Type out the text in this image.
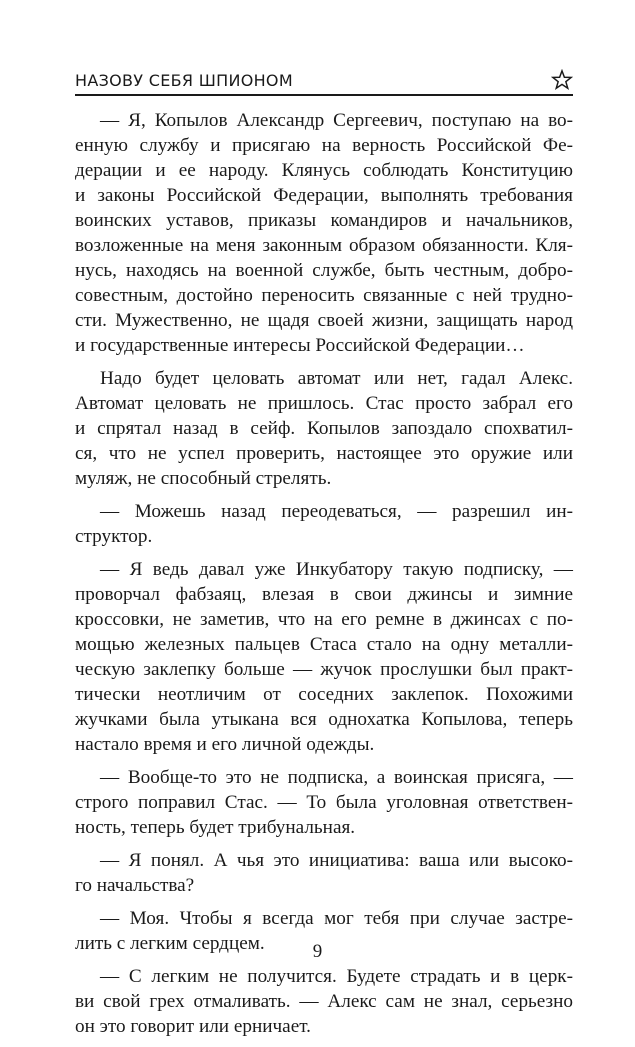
НАЗОВУ СЕБЯ ШПИОНОМ
— Я, Копылов Александр Сергеевич, поступаю на во-
енную службу и присягаю на верность Российской Фе-
дерации и ее народу. Клянусь соблюдать Конституцию
и законы Российской Федерации, выполнять требования
воинских уставов, приказы командиров и начальников,
возложенные на меня законным образом обязанности. Кля-
нусь, находясь на военной службе, быть честным, добро-
совестным, достойно переносить связанные с ней трудно-
сти. Мужественно, не щадя своей жизни, защищать народ
и государственные интересы Российской Федерации…
Надо будет целовать автомат или нет, гадал Алекс.
Автомат целовать не пришлось. Стас просто забрал его
и спрятал назад в сейф. Копылов запоздало спохватил-
ся, что не успел проверить, настоящее это оружие или
муляж, не способный стрелять.
— Можешь назад переодеваться, — разрешил ин-
структор.
— Я ведь давал уже Инкубатору такую подписку, —
проворчал фабзаяц, влезая в свои джинсы и зимние
кроссовки, не заметив, что на его ремне в джинсах с по-
мощью железных пальцев Стаса стало на одну металли-
ческую заклепку больше — жучок прослушки был практ-
тически неотличим от соседних заклепок. Похожими
жучками была утыкана вся однохатка Копылова, теперь
настало время и его личной одежды.
— Вообще-то это не подписка, а воинская присяга, —
строго поправил Стас. — То была уголовная ответствен-
ность, теперь будет трибунальная.
— Я понял. А чья это инициатива: ваша или высоко-
го начальства?
— Моя. Чтобы я всегда мог тебя при случае застре-
лить с легким сердцем.
— С легким не получится. Будете страдать и в церк-
ви свой грех отмаливать. — Алекс сам не знал, серьезно
он это говорит или ерничает.
9
